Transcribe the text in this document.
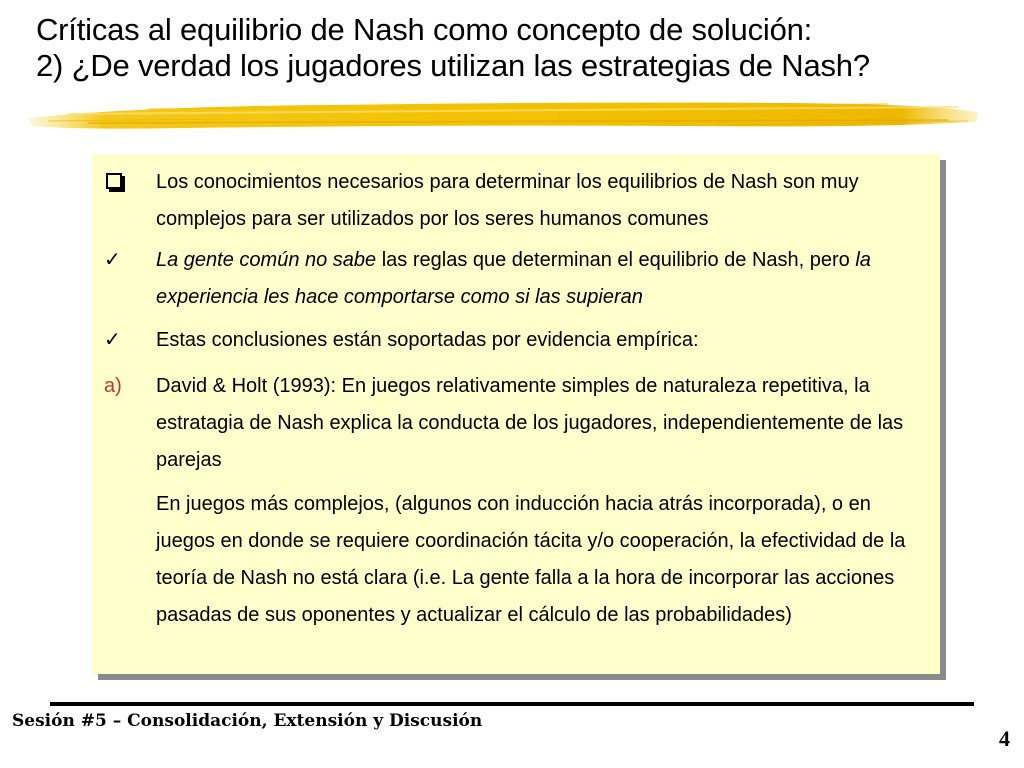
Críticas al equilibrio de Nash como concepto de solución:
2) ¿De verdad los jugadores utilizan las estrategias de Nash?
Los conocimientos necesarios para determinar los equilibrios de Nash son muy complejos para ser utilizados por los seres humanos comunes
✓	La gente común no sabe las reglas que determinan el equilibrio de Nash, pero la experiencia les hace comportarse como si las supieran
✓	Estas conclusiones están soportadas por evidencia empírica:
a)	David & Holt (1993): En juegos relativamente simples de naturaleza repetitiva, la estratagia de Nash explica la conducta de los jugadores, independientemente de las parejas
En juegos más complejos, (algunos con inducción hacia atrás incorporada), o en juegos en donde se requiere coordinación tácita y/o cooperación, la efectividad de la teoría de Nash no está clara (i.e. La gente falla a la hora de incorporar las acciones pasadas de sus oponentes y actualizar el cálculo de las probabilidades)
Sesión #5 – Consolidación, Extensión y Discusión
4
